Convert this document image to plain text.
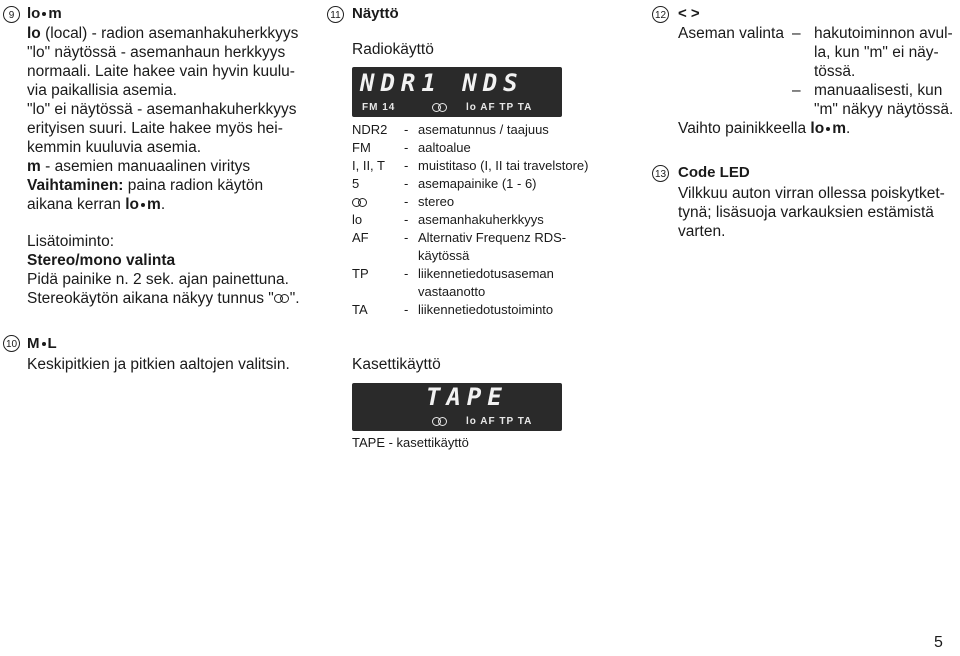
9 lo m
lo (local) - radion asemanhakuherkkyys
"lo" näytössä - asemanhaun herkkyys
normaali. Laite hakee vain hyvin kuulu-
via paikallisia asemia.
"lo" ei näytössä - asemanhakuherkkyys
erityisen suuri. Laite hakee myös hei-
kemmin kuuluvia asemia.
m - asemien manuaalinen viritys
Vaihtaminen: paina radion käytön
aikana kerran lo m.
Lisätoiminto:
Stereo/mono valinta
Pidä painike n. 2 sek. ajan painettuna.
Stereokäytön aikana näkyy tunnus " ".
10 M L
Keskipitkien ja pitkien aaltojen valitsin.
11 Näyttö
Radiokäyttö
NDR1 NDS
FM 14	lo AF TP TA
NDR2	-	asematunnus / taajuus
FM	-	aaltoalue
I, II, T	-	muistitaso (I, II tai travelstore)
5	-	asemapainike (1 - 6)

	-	stereo
lo	-	asemanhakuherkkyys
AF	-	Alternativ Frequenz RDS-
		käytössä
TP	-	liikennetiedotusaseman
		vastaanotto
TA	-	liikennetiedotustoiminto
Kasettikäyttö
TAPE
lo AF TP TA
TAPE - kasettikäyttö
12 < >
Aseman valinta – hakutoiminnon avul-
la, kun "m" ei näy-
tössä.
– manuaalisesti, kun
"m" näkyy näytössä.
Vaihto painikkeella lo m.
13 Code LED
Vilkkuu auton virran ollessa poiskytket-
tynä; lisäsuoja varkauksien estämistä
varten.
5
